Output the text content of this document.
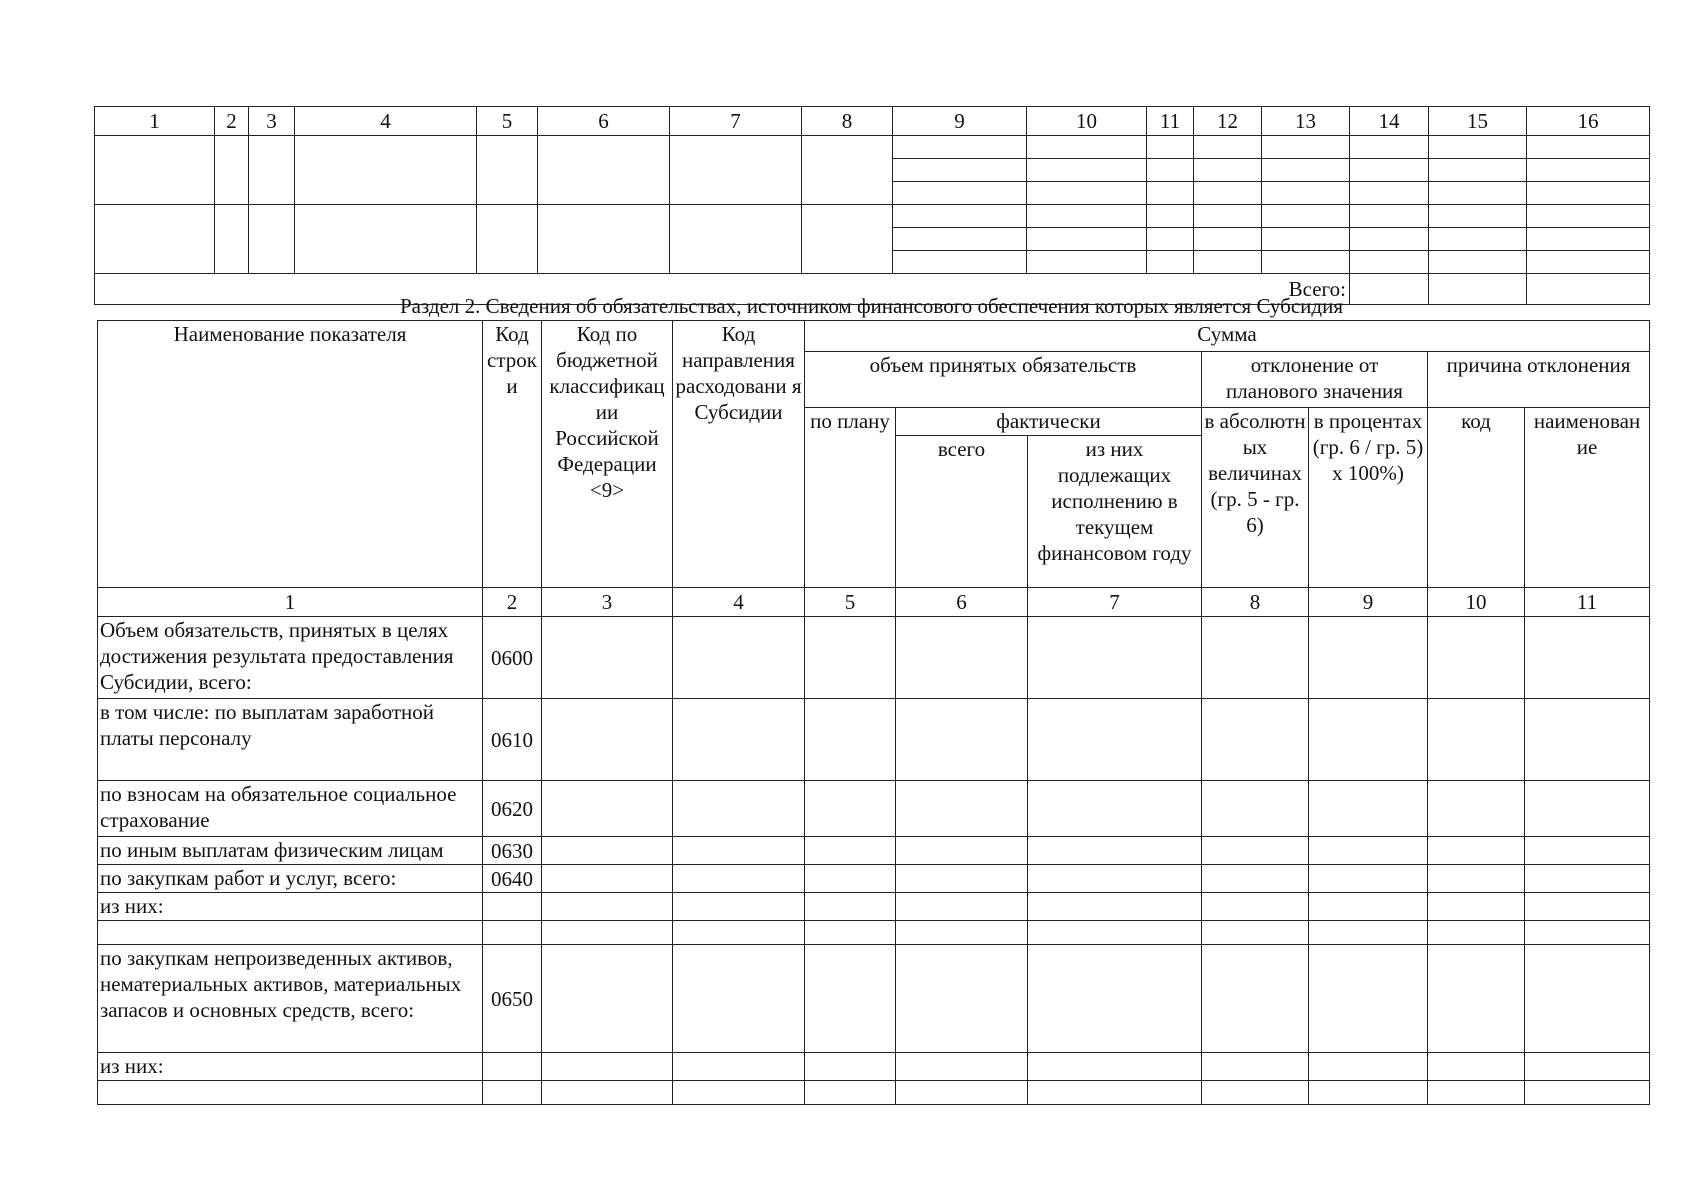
1	2	3	4	5	6	7	8	9	10	11	12	13	14	15	16

Всего:															
Раздел 2. Сведения об обязательствах, источником финансового обеспечения которых является Субсидия
Наименование показателя	Код строк и	Код по бюджетной классификац ии Российской Федерации <9>	Код направления расходовани я Субсидии	Сумма						
				объем принятых обязательств			отклонение от планового значения		причина отклонения	
				по плану	фактически		в абсолютн ых величинах (гр. 5 - гр. 6)	в процентах (гр. 6 / гр. 5) x 100%)	код	наименован ие
					всего	из них подлежащих исполнению в текущем финансовом году				
1	2	3	4	5	6	7	8	9	10	11
Объем обязательств, принятых в целях достижения результата предоставления Субсидии, всего:	0600									
в том числе: по выплатам заработной платы персоналу	0610									
по взносам на обязательное социальное страхование	0620									
по иным выплатам физическим лицам	0630									
по закупкам работ и услуг, всего:	0640									
из них:										

по закупкам непроизведенных активов, нематериальных активов, материальных запасов и основных средств, всего:	0650									
из них:										
